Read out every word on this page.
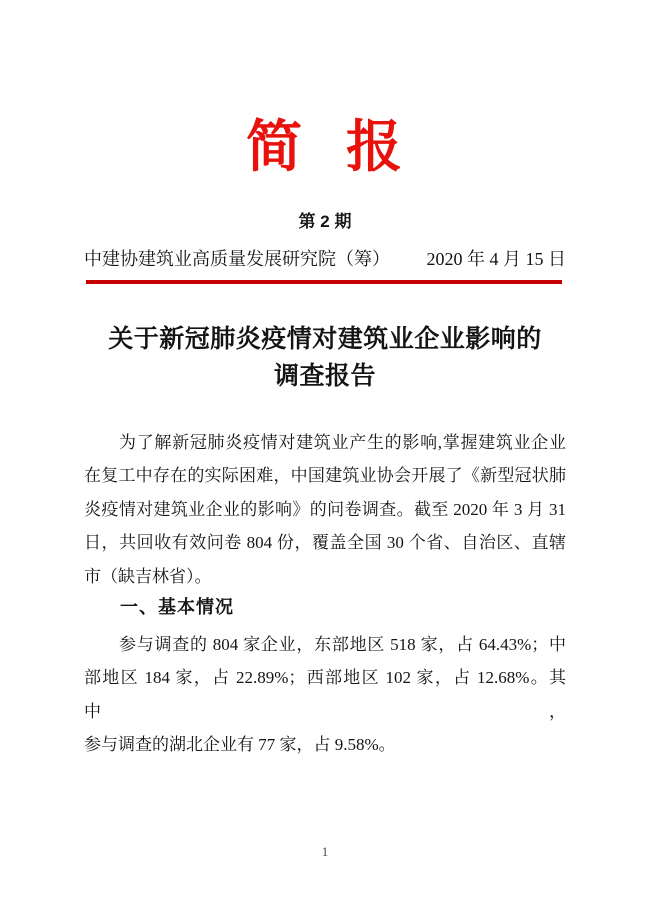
简 报
第 2 期
中建协建筑业高质量发展研究院（筹） 2020 年 4 月 15 日
关于新冠肺炎疫情对建筑业企业影响的
调查报告
为了解新冠肺炎疫情对建筑业产生的影响,掌握建筑业企业
在复工中存在的实际困难，中国建筑业协会开展了《新型冠状肺
炎疫情对建筑业企业的影响》的问卷调查。截至 2020 年 3 月 31
日，共回收有效问卷 804 份，覆盖全国 30 个省、自治区、直辖
市（缺吉林省）。
一、基本情况
参与调查的 804 家企业，东部地区 518 家，占 64.43%；中
部地区 184 家，占 22.89%；西部地区 102 家，占 12.68%。其中，
参与调查的湖北企业有 77 家，占 9.58%。
1
